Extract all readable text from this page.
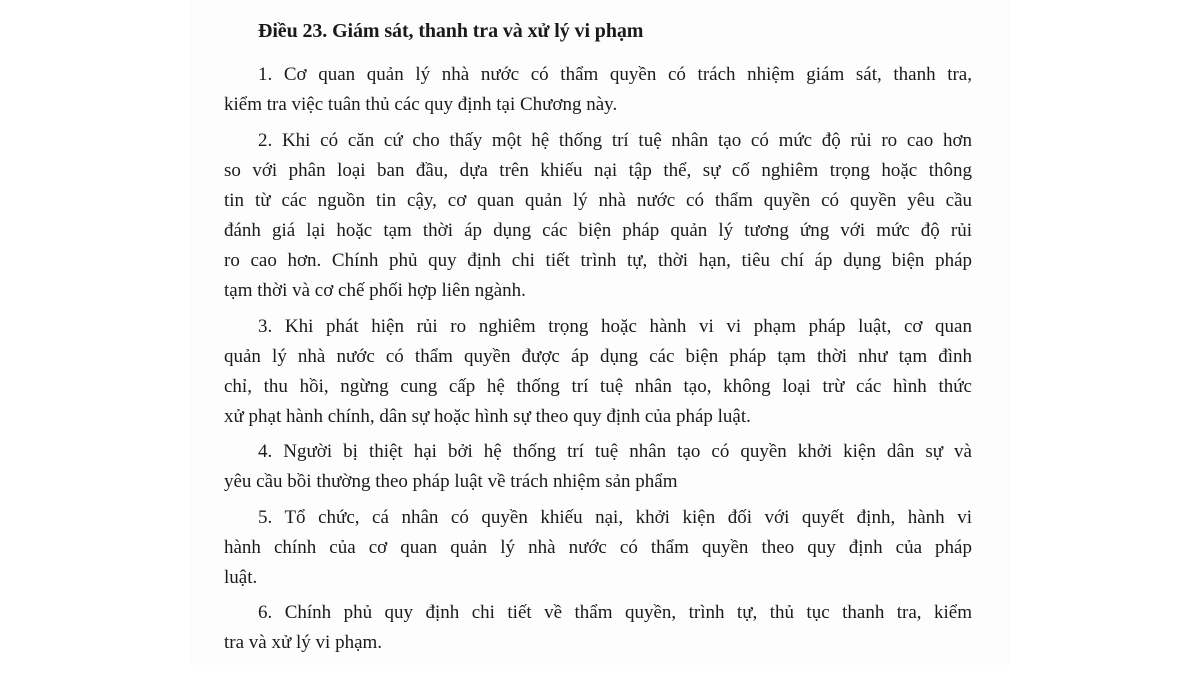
Điều 23. Giám sát, thanh tra và xử lý vi phạm
1. Cơ quan quản lý nhà nước có thẩm quyền có trách nhiệm giám sát, thanh tra,
kiểm tra việc tuân thủ các quy định tại Chương này.
2. Khi có căn cứ cho thấy một hệ thống trí tuệ nhân tạo có mức độ rủi ro cao hơn
so với phân loại ban đầu, dựa trên khiếu nại tập thể, sự cố nghiêm trọng hoặc thông
tin từ các nguồn tin cậy, cơ quan quản lý nhà nước có thẩm quyền có quyền yêu cầu
đánh giá lại hoặc tạm thời áp dụng các biện pháp quản lý tương ứng với mức độ rủi
ro cao hơn. Chính phủ quy định chi tiết trình tự, thời hạn, tiêu chí áp dụng biện pháp
tạm thời và cơ chế phối hợp liên ngành.
3. Khi phát hiện rủi ro nghiêm trọng hoặc hành vi vi phạm pháp luật, cơ quan
quản lý nhà nước có thẩm quyền được áp dụng các biện pháp tạm thời như tạm đình
chỉ, thu hồi, ngừng cung cấp hệ thống trí tuệ nhân tạo, không loại trừ các hình thức
xử phạt hành chính, dân sự hoặc hình sự theo quy định của pháp luật.
4. Người bị thiệt hại bởi hệ thống trí tuệ nhân tạo có quyền khởi kiện dân sự và
yêu cầu bồi thường theo pháp luật về trách nhiệm sản phẩm
5. Tổ chức, cá nhân có quyền khiếu nại, khởi kiện đối với quyết định, hành vi
hành chính của cơ quan quản lý nhà nước có thẩm quyền theo quy định của pháp
luật.
6. Chính phủ quy định chi tiết về thẩm quyền, trình tự, thủ tục thanh tra, kiểm
tra và xử lý vi phạm.
